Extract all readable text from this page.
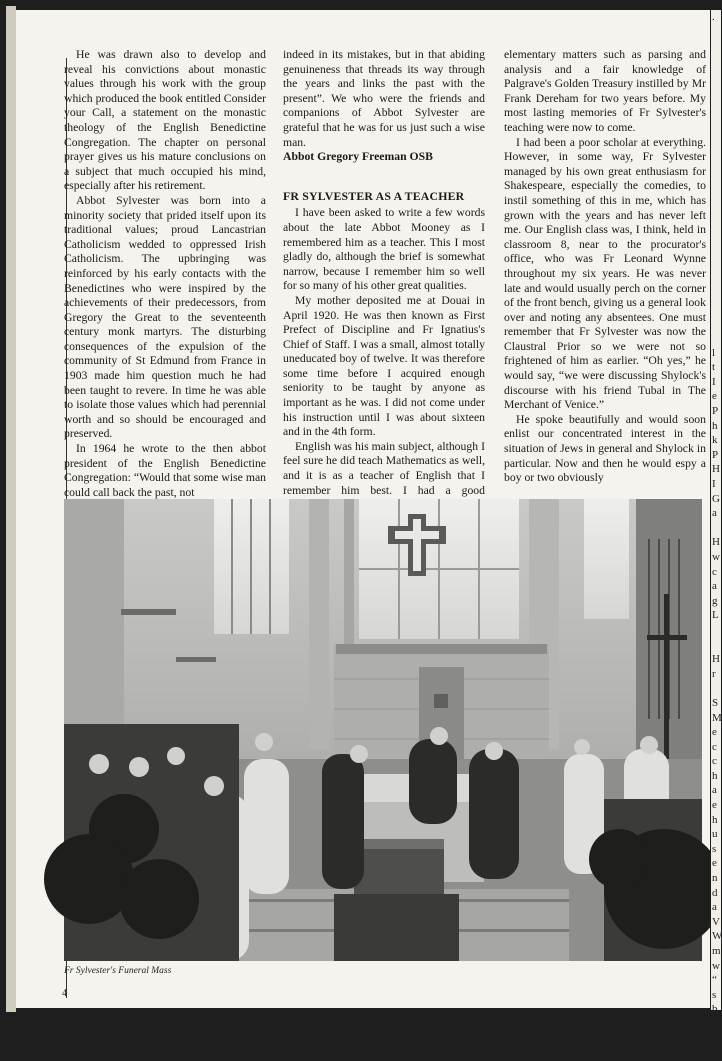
He was drawn also to develop and reveal his convictions about monastic values through his work with the group which produced the book entitled Consider your Call, a statement on the monastic theology of the English Benedictine Congregation. The chapter on personal prayer gives us his mature conclusions on a subject that much occupied his mind, especially after his retirement.

Abbot Sylvester was born into a minority society that prided itself upon its traditional values; proud Lancastrian Catholicism wedded to oppressed Irish Catholicism. The upbringing was reinforced by his early contacts with the Benedictines who were inspired by the achievements of their predecessors, from Gregory the Great to the seventeenth century monk martyrs. The disturbing consequences of the expulsion of the community of St Edmund from France in 1903 made him question much he had been taught to revere. In time he was able to isolate those values which had perennial worth and so should be encouraged and preserved.

In 1964 he wrote to the then abbot president of the English Benedictine Congregation: “Would that some wise man could call back the past, not

indeed in its mistakes, but in that abiding genuineness that threads its way through the years and links the past with the present”. We who were the friends and companions of Abbot Sylvester are grateful that he was for us just such a wise man.

Abbot Gregory Freeman OSB

FR SYLVESTER AS A TEACHER

I have been asked to write a few words about the late Abbot Mooney as I remembered him as a teacher. This I most gladly do, although the brief is somewhat narrow, because I remember him so well for so many of his other great qualities.

My mother deposited me at Douai in April 1920. He was then known as First Prefect of Discipline and Fr Ignatius's Chief of Staff. I was a small, almost totally uneducated boy of twelve. It was therefore some time before I acquired enough seniority to be taught by anyone as important as he was. I did not come under his instruction until I was about sixteen and in the 4th form.

English was his main subject, although I feel sure he did teach Mathematics as well, and it is as a teacher of English that I remember him best. I had a good

elementary matters such as parsing and analysis and a fair knowledge of Palgrave's Golden Treasury instilled by Mr Frank Dereham for two years before. My most lasting memories of Fr Sylvester's teaching were now to come.

I had been a poor scholar at everything. However, in some way, Fr Sylvester managed by his own great enthusiasm for Shakespeare, especially the comedies, to instil something of this in me, which has grown with the years and has never left me. Our English class was, I think, held in classroom 8, near to the procurator's office, who was Fr Leonard Wynne throughout my six years. He was never late and would usually perch on the corner of the front bench, giving us a general look over and noting any absentees. One must remember that Fr Sylvester was now the Claustral Prior so we were not so frightened of him as earlier. “Oh yes,” he would say, “we were discussing Shylock's discourse with his friend Tubal in The Merchant of Venice.”

He spoke beautifully and would soon enlist our concentrated interest in the situation of Jews in general and Shylock in particular. Now and then he would espy a boy or two obviously

Fr Sylvester's Funeral Mass
4
.

l
t
I
e
P
h
k
P
H
I
G
a

H
w
c
a
g
L

H
r

S
M
e
c
c
h
a
e
h
u
s
e
n
d
a
V
W
m
w
“
s
b
t
i
e
